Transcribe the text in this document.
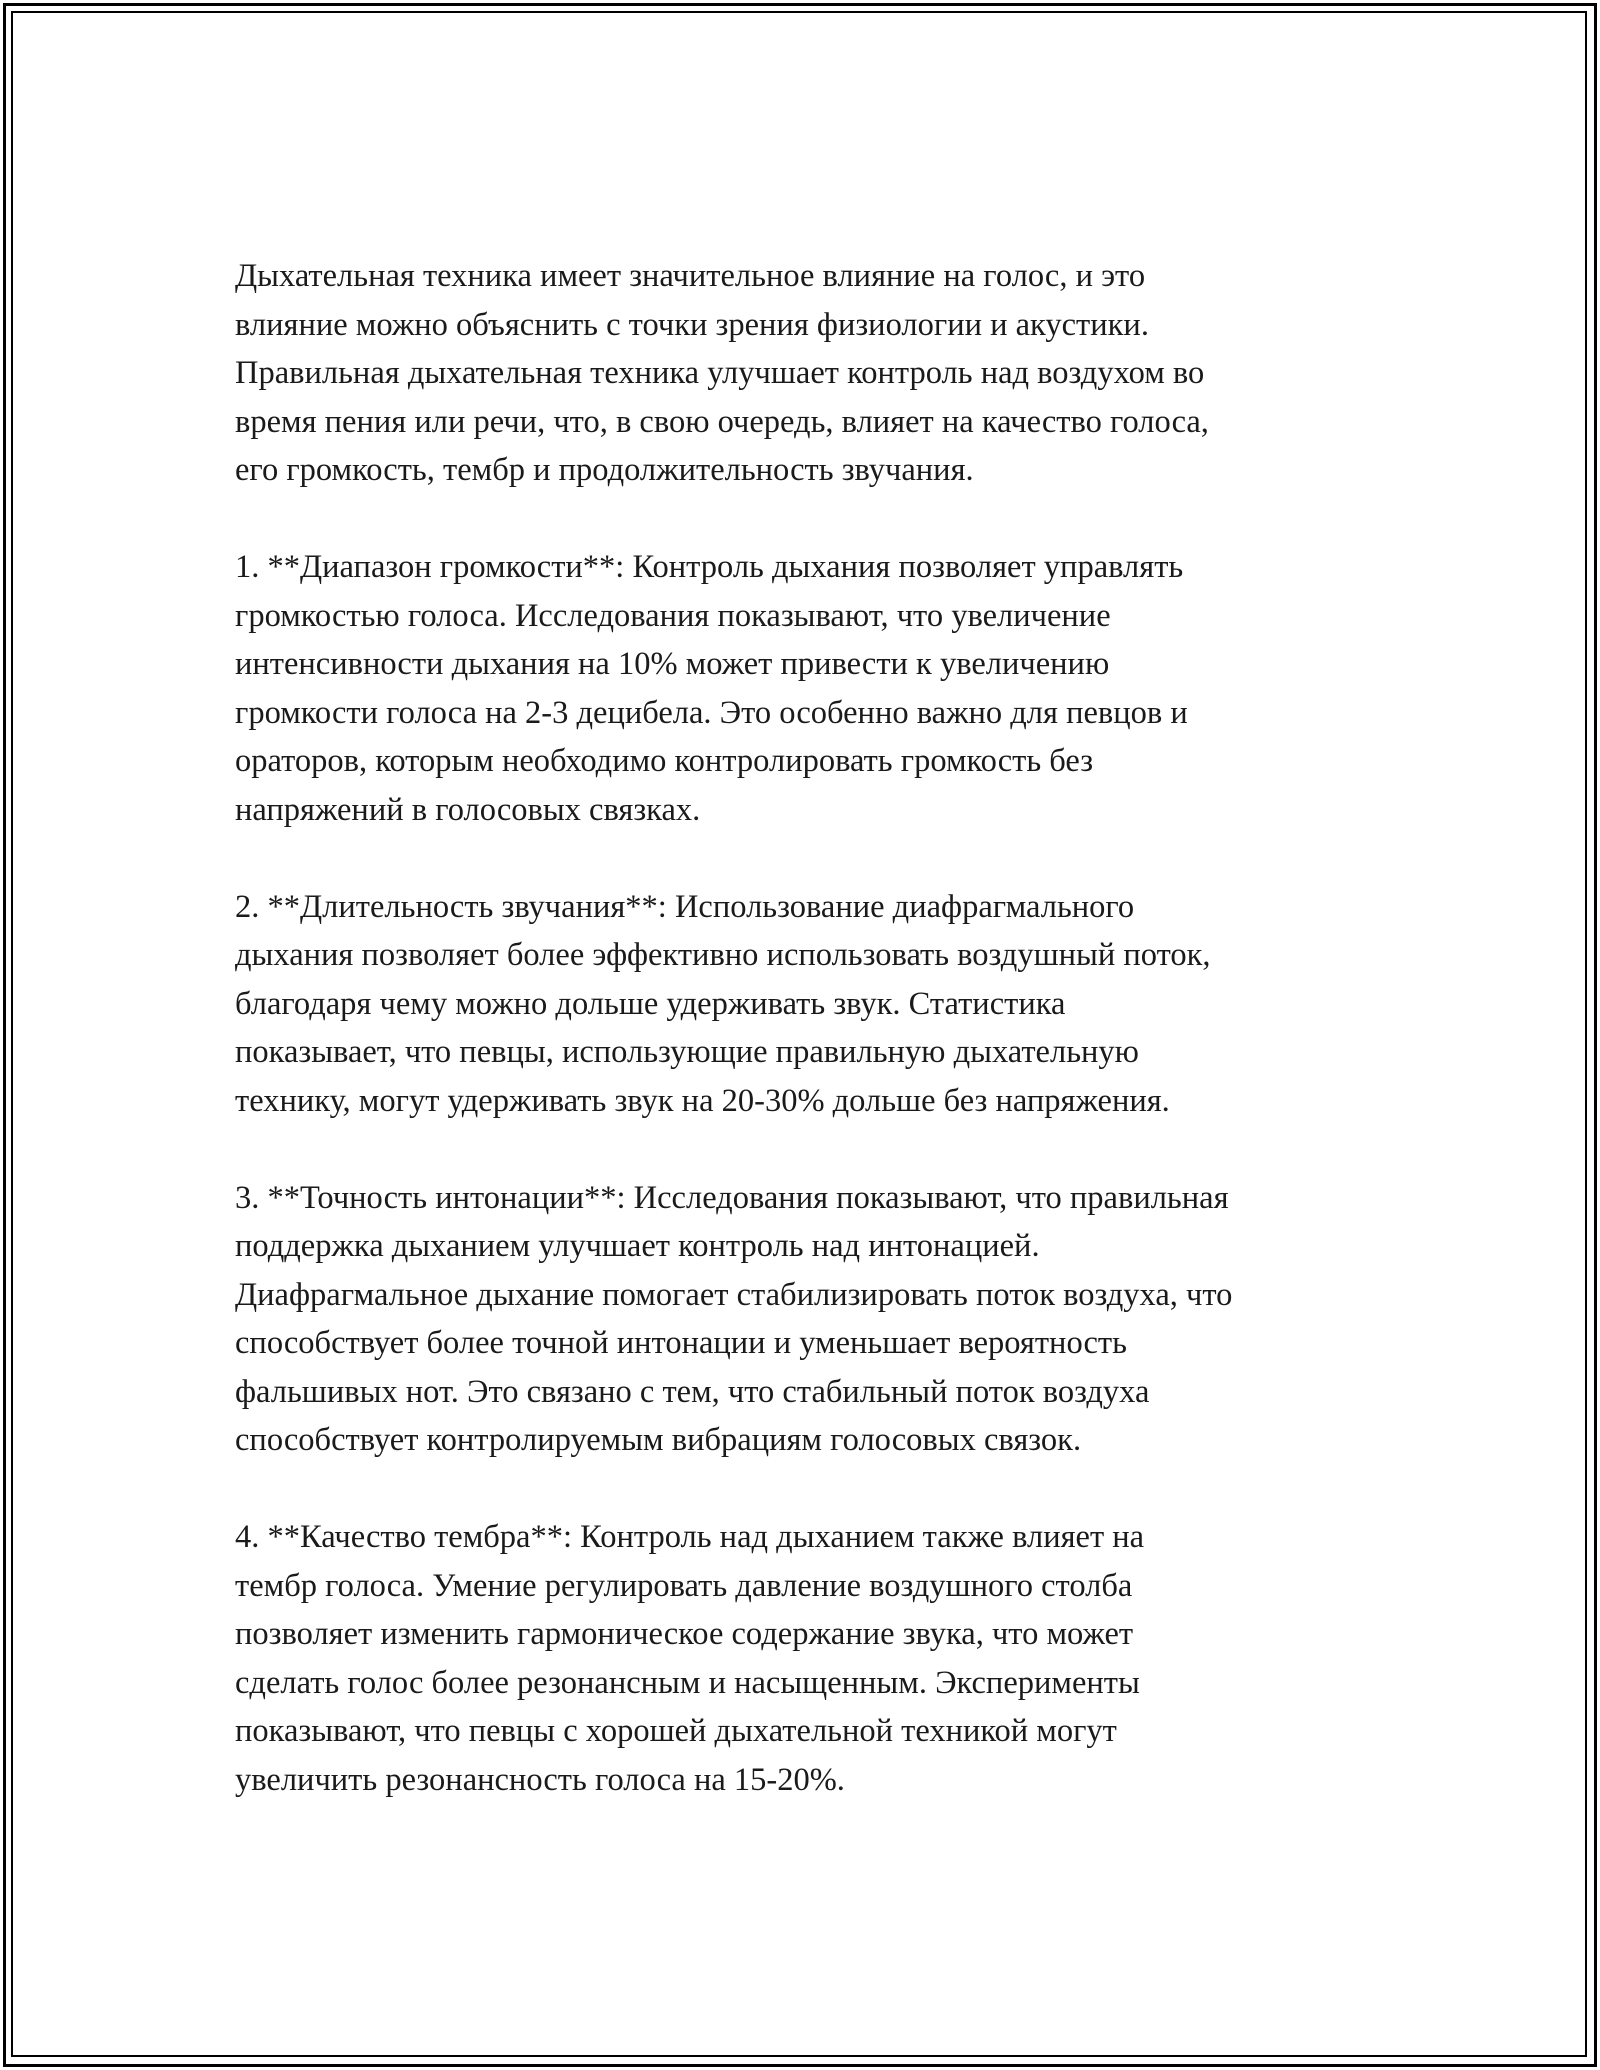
Дыхательная техника имеет значительное влияние на голос, и это
влияние можно объяснить с точки зрения физиологии и акустики.
Правильная дыхательная техника улучшает контроль над воздухом во
время пения или речи, что, в свою очередь, влияет на качество голоса,
его громкость, тембр и продолжительность звучания.

1. **Диапазон громкости**: Контроль дыхания позволяет управлять
громкостью голоса. Исследования показывают, что увеличение
интенсивности дыхания на 10% может привести к увеличению
громкости голоса на 2-3 децибела. Это особенно важно для певцов и
ораторов, которым необходимо контролировать громкость без
напряжений в голосовых связках.

2. **Длительность звучания**: Использование диафрагмального
дыхания позволяет более эффективно использовать воздушный поток,
благодаря чему можно дольше удерживать звук. Статистика
показывает, что певцы, использующие правильную дыхательную
технику, могут удерживать звук на 20-30% дольше без напряжения.

3. **Точность интонации**: Исследования показывают, что правильная
поддержка дыханием улучшает контроль над интонацией.
Диафрагмальное дыхание помогает стабилизировать поток воздуха, что
способствует более точной интонации и уменьшает вероятность
фальшивых нот. Это связано с тем, что стабильный поток воздуха
способствует контролируемым вибрациям голосовых связок.

4. **Качество тембра**: Контроль над дыханием также влияет на
тембр голоса. Умение регулировать давление воздушного столба
позволяет изменить гармоническое содержание звука, что может
сделать голос более резонансным и насыщенным. Эксперименты
показывают, что певцы с хорошей дыхательной техникой могут
увеличить резонансность голоса на 15-20%.
